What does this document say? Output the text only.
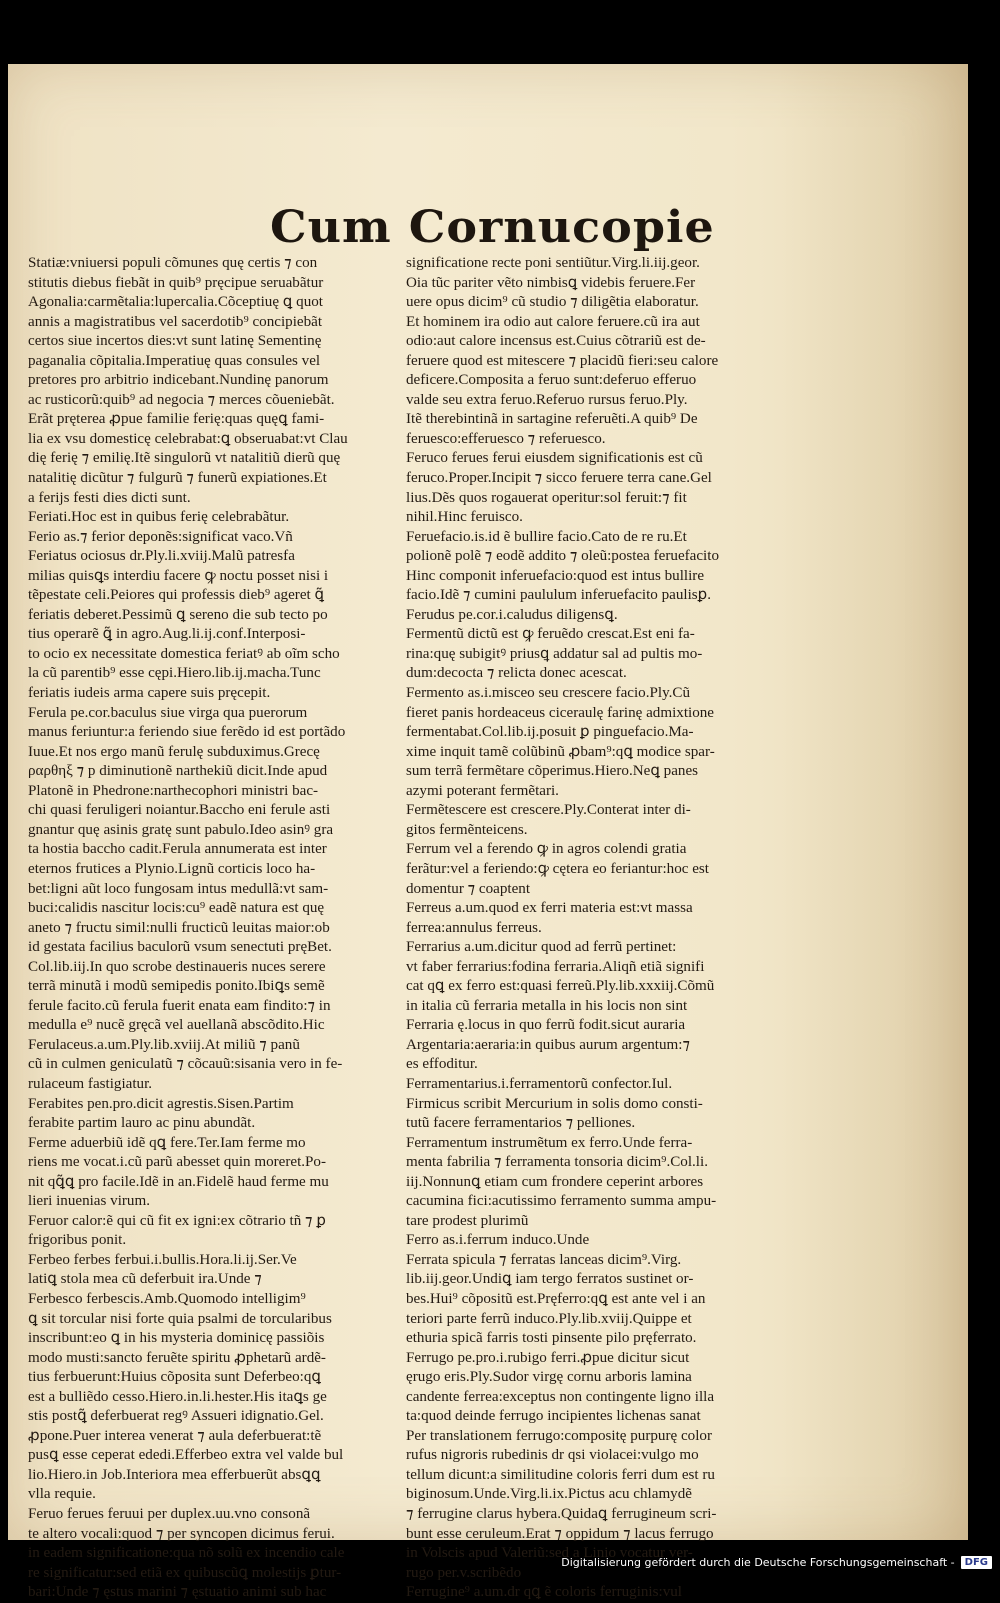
Cum Cornucopie
Statiæ:vniuersi populi cõmunes quę certis ⁊ con
stitutis diebus fiebãt in quib⁹ pręcipue seruabãtur
Agonalia:carmẽtalia:lupercalia.Cõceptiuę ꝗ quot
annis a magistratibus vel sacerdotib⁹ concipiebãt
certos siue incertos dies:vt sunt latinę Sementinę
paganalia cõpitalia.Imperatiuę quas consules vel
pretores pro arbitrio indicebant.Nundinę panorum
ac rusticorũ:quib⁹ ad negocia ⁊ merces cõueniebãt.
Erãt pręterea ꝓpue familie ferię:quas quęꝗ fami-
lia ex vsu domesticę celebrabat:ꝗ obseruabat:vt Clau
dię ferię ⁊ emilię.Itẽ singulorũ vt natalitiũ dierũ quę
natalitię dicũtur ⁊ fulgurũ ⁊ funerũ expiationes.Et
a ferijs festi dies dicti sunt.
Feriati.Hoc est in quibus ferię celebrabãtur.
Ferio as.⁊ ferior deponẽs:significat vaco.Vñ
Feriatus ociosus dr.Ply.li.xviij.Malũ patresfa
milias quisꝗs interdiu facere ꝙ noctu posset nisi i
tẽpestate celi.Peiores qui professis dieb⁹ ageret ꝗ̃
feriatis deberet.Pessimũ ꝗ sereno die sub tecto po
tius operarẽ ꝗ̃ in agro.Aug.li.ij.conf.Interposi-
to ocio ex necessitate domestica feriatꝰ ab oĩm scho
la cũ parentib⁹ esse cępi.Hiero.lib.ij.macha.Tunc
feriatis iudeis arma capere suis pręcepit.
Ferula pe.cor.baculus siue virga qua puerorum
manus feriuntur:a feriendo siue ferẽdo id est portãdo
Iuue.Et nos ergo manũ ferulę subduximus.Grecę
ραρθηξ ⁊ p diminutionẽ narthekiũ dicit.Inde apud
Platonẽ in Phedrone:narthecophori ministri bac-
chi quasi feruligeri noiantur.Baccho eni ferule asti
gnantur quę asinis gratę sunt pabulo.Ideo asinꝰ gra
ta hostia baccho cadit.Ferula annumerata est inter
eternos frutices a Plynio.Lignũ corticis loco ha-
bet:ligni aũt loco fungosam intus medullã:vt sam-
buci:calidis nascitur locis:cu⁹ eadẽ natura est quę
aneto ⁊ fructu simil:nulli fructicũ leuitas maior:ob
id gestata facilius baculorũ vsum senectuti pręBet.
Col.lib.iij.In quo scrobe destinaueris nuces serere
terrã minutã i modũ semipedis ponito.Ibiꝗs semẽ
ferule facito.cũ ferula fuerit enata eam findito:⁊ in
medulla e⁹ nucẽ gręcã vel auellanã abscõdito.Hic
Ferulaceus.a.um.Ply.lib.xviij.At miliũ ⁊ panũ
cũ in culmen geniculatũ ⁊ cõcauũ:sisania vero in fe-
rulaceum fastigiatur.
Ferabites pen.pro.dicit agrestis.Sisen.Partim
ferabite partim lauro ac pinu abundãt.
Ferme aduerbiũ idẽ qꝗ fere.Ter.Iam ferme mo
riens me vocat.i.cũ parũ abesset quin moreret.Po-
nit qꝗ̃ꝗ pro facile.Idẽ in an.Fidelẽ haud ferme mu
lieri inuenias virum.
Feruor calor:ẽ qui cũ fit ex igni:ex cõtrario tñ ⁊ ꝑ
frigoribus ponit.
Ferbeo ferbes ferbui.i.bullis.Hora.li.ij.Ser.Ve
latiꝗ stola mea cũ deferbuit ira.Unde ⁊
Ferbesco ferbescis.Amb.Quomodo intelligim⁹
ꝗ sit torcular nisi forte quia psalmi de torcularibus
inscribunt:eo ꝗ in his mysteria dominicę passiõis
modo musti:sancto feruẽte spiritu ꝓphetarũ ardẽ-
tius ferbuerunt:Huius cõposita sunt Deferbeo:qꝗ
est a bulliẽdo cesso.Hiero.in.li.hester.His itaꝗs ge
stis postꝗ̃ deferbuerat regꝰ Assueri idignatio.Gel.
ꝓpone.Puer interea venerat ⁊ aula deferbuerat:tẽ
pusꝗ esse ceperat ededi.Efferbeo extra vel valde bul
lio.Hiero.in Job.Interiora mea efferbuerũt absꝗꝗ
vlla requie.
Feruo ferues feruui per duplex.uu.vno consonã
te altero vocali:quod ⁊ per syncopen dicimus ferui.
in eadem significatione:qua nõ solũ ex incendio cale
re significatur:sed etiã ex quibuscũꝗ molestijs ꝑtur-
bari:Unde ⁊ ęstus marini ⁊ ęstuatio animi sub hac
significatione recte poni sentiũtur.Virg.li.iij.geor.
Oia tũc pariter vẽto nimbisꝗ videbis feruere.Fer
uere opus dicim⁹ cũ studio ⁊ diligẽtia elaboratur.
Et hominem ira odio aut calore feruere.cũ ira aut
odio:aut calore incensus est.Cuius cõtrariũ est de-
feruere quod est mitescere ⁊ placidũ fieri:seu calore
deficere.Composita a feruo sunt:deferuo efferuo
valde seu extra feruo.Referuo rursus feruo.Ply.
Itẽ therebintinã in sartagine referuẽti.A quib⁹ De
feruesco:efferuesco ⁊ referuesco.
Feruco ferues ferui eiusdem significationis est cũ
feruco.Proper.Incipit ⁊ sicco feruere terra cane.Gel
lius.Dẽs quos rogauerat operitur:sol feruit:⁊ fit
nihil.Hinc feruisco.
Feruefacio.is.id ẽ bullire facio.Cato de re ru.Et
polionẽ polẽ ⁊ eodẽ addito ⁊ oleũ:postea feruefacito
Hinc componit inferuefacio:quod est intus bullire
facio.Idẽ ⁊ cumini paululum inferuefacito paulisꝑ.
Ferudus pe.cor.i.caludus diligensꝗ.
Fermentũ dictũ est ꝙ feruẽdo crescat.Est eni fa-
rina:quę subigitꝰ priusꝗ addatur sal ad pultis mo-
dum:decocta ⁊ relicta donec acescat.
Fermento as.i.misceo seu crescere facio.Ply.Cũ
fieret panis hordeaceus ciceraulę farinę admixtione
fermentabat.Col.lib.ij.posuit ꝑ pinguefacio.Ma-
xime inquit tamẽ colũbinũ ꝓbam⁹:qꝗ modice spar-
sum terrã fermẽtare cõperimus.Hiero.Neꝗ panes
azymi poterant fermẽtari.
Fermẽtescere est crescere.Ply.Conterat inter di-
gitos fermẽnteicens.
Ferrum vel a ferendo ꝙ in agros colendi gratia
ferãtur:vel a feriendo:ꝙ cętera eo feriantur:hoc est
domentur ⁊ coaptent
Ferreus a.um.quod ex ferri materia est:vt massa
ferrea:annulus ferreus.
Ferrarius a.um.dicitur quod ad ferrũ pertinet:
vt faber ferrarius:fodina ferraria.Aliqñ etiã signifi
cat qꝗ ex ferro est:quasi ferreũ.Ply.lib.xxxiij.Cõmũ
in italia cũ ferraria metalla in his locis non sint
Ferraria ę.locus in quo ferrũ fodit.sicut auraria
Argentaria:aeraria:in quibus aurum argentum:⁊
es effoditur.
Ferramentarius.i.ferramentorũ confector.Iul.
Firmicus scribit Mercurium in solis domo consti-
tutũ facere ferramentarios ⁊ pelliones.
Ferramentum instrumẽtum ex ferro.Unde ferra-
menta fabrilia ⁊ ferramenta tonsoria dicim⁹.Col.li.
iij.Nonnunꝗ etiam cum frondere ceperint arbores
cacumina fici:acutissimo ferramento summa ampu-
tare prodest plurimũ
Ferro as.i.ferrum induco.Unde
Ferrata spicula ⁊ ferratas lanceas dicim⁹.Virg.
lib.iij.geor.Undiꝗ iam tergo ferratos sustinet or-
bes.Hui⁹ cõpositũ est.Pręferro:qꝗ est ante vel i an
teriori parte ferrũ induco.Ply.lib.xviij.Quippe et
ethuria spicã farris tosti pinsente pilo pręferrato.
Ferrugo pe.pro.i.rubigo ferri.ꝓpue dicitur sicut
ęrugo eris.Ply.Sudor virgę cornu arboris lamina
candente ferrea:exceptus non contingente ligno illa
ta:quod deinde ferrugo incipientes lichenas sanat
Per translationem ferrugo:compositę purpurę color
rufus nigroris rubedinis dr qsi violacei:vulgo mo
tellum dicunt:a similitudine coloris ferri dum est ru
biginosum.Unde.Virg.li.ix.Pictus acu chlamydẽ
⁊ ferrugine clarus hybera.Quidaꝗ ferrugineum scri-
bunt esse ceruleum.Erat ⁊ oppidum ⁊ lacus ferrugo
in Volscis apud Valeriũ:sed a Linio vocatur ver-
rugo per.v.scribẽdo
Ferrugine⁹ a.um.dr qꝗ ẽ coloris ferruginis:vul
Digitalisierung gefördert durch die Deutsche Forschungsgemeinschaft -	DFG
